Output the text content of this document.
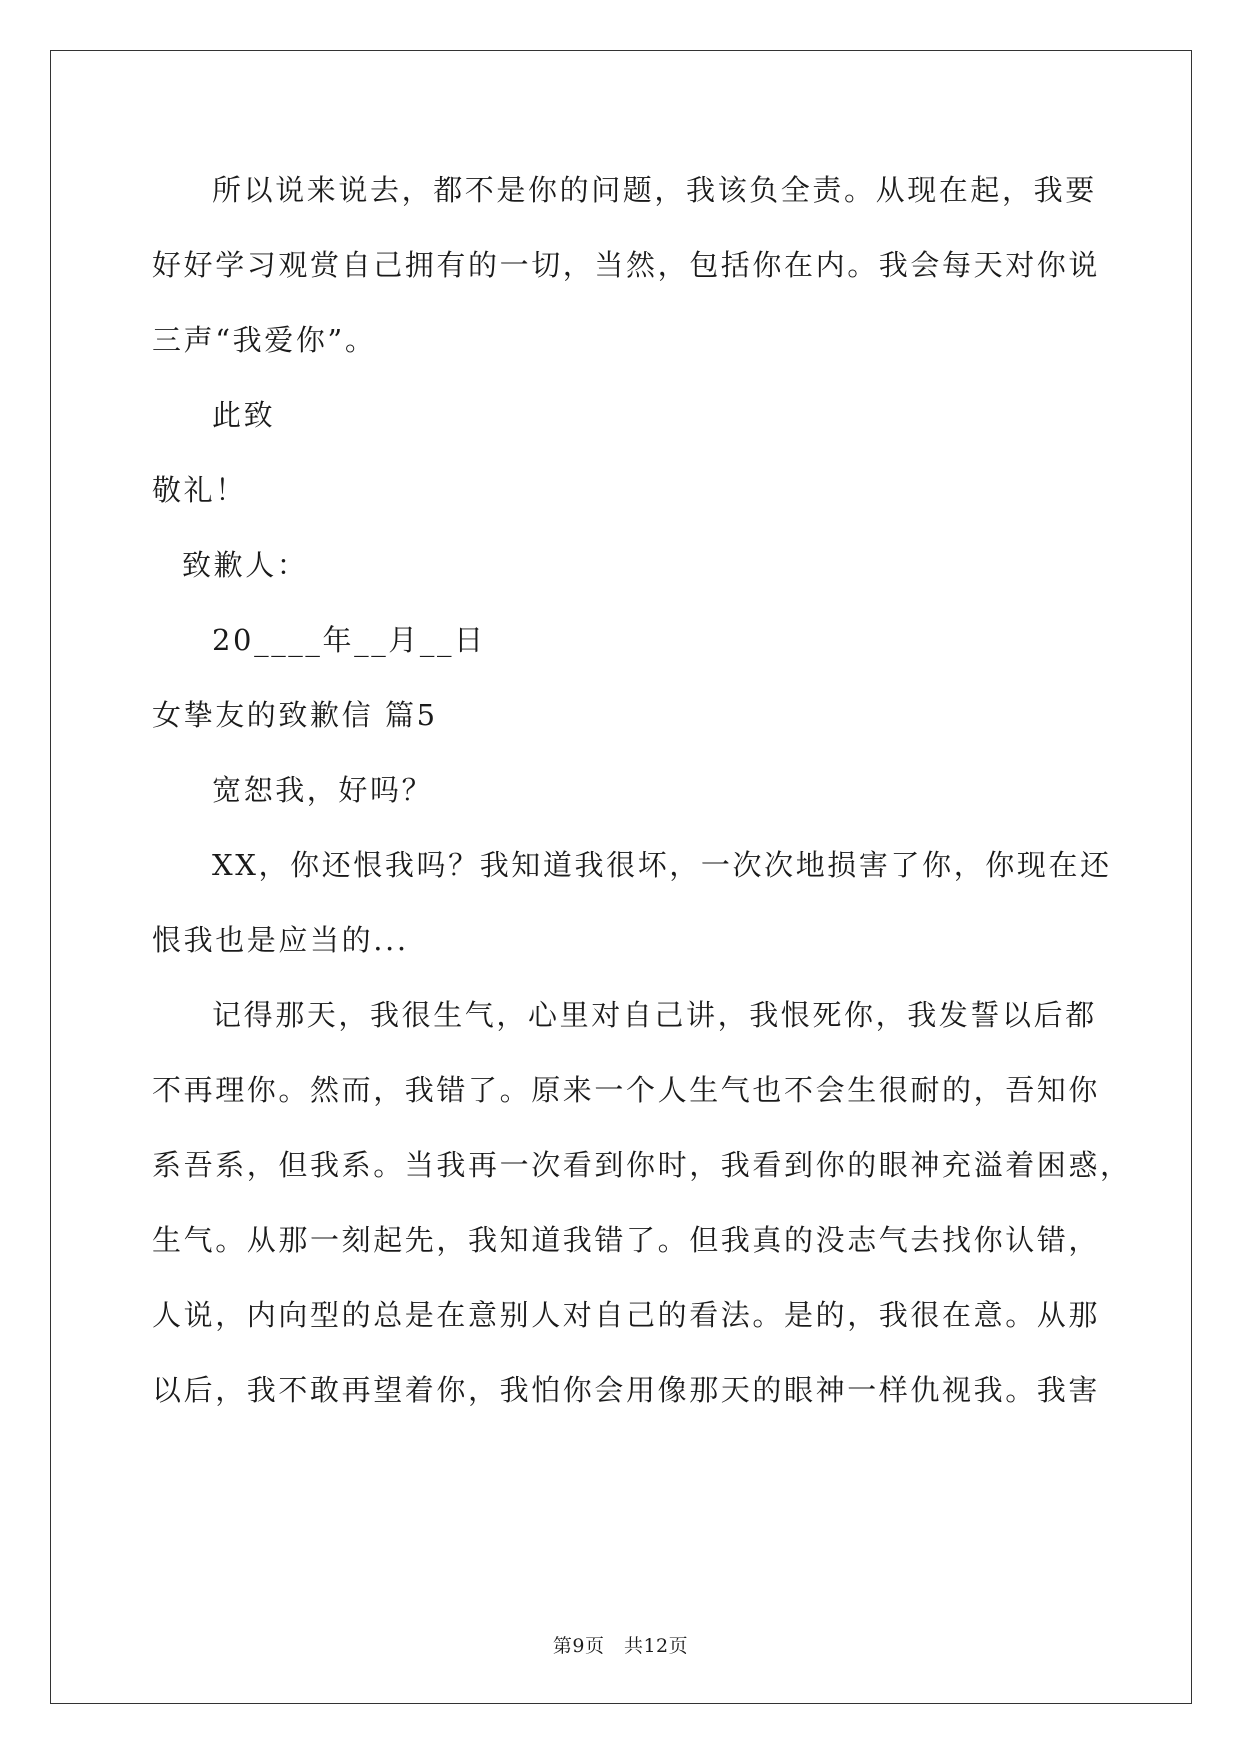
所以说来说去，都不是你的问题，我该负全责。从现在起，我要
好好学习观赏自己拥有的一切，当然，包括你在内。我会每天对你说
三声“我爱你”。
此致
敬礼！
致歉人：
20____年__月__日
女挚友的致歉信 篇5
宽恕我，好吗？
XX，你还恨我吗？我知道我很坏，一次次地损害了你，你现在还
恨我也是应当的...
记得那天，我很生气，心里对自己讲，我恨死你，我发誓以后都
不再理你。然而，我错了。原来一个人生气也不会生很耐的，吾知你
系吾系，但我系。当我再一次看到你时，我看到你的眼神充溢着困惑，
生气。从那一刻起先，我知道我错了。但我真的没志气去找你认错，
人说，内向型的总是在意别人对自己的看法。是的，我很在意。从那
以后，我不敢再望着你，我怕你会用像那天的眼神一样仇视我。我害
第9页　共12页
